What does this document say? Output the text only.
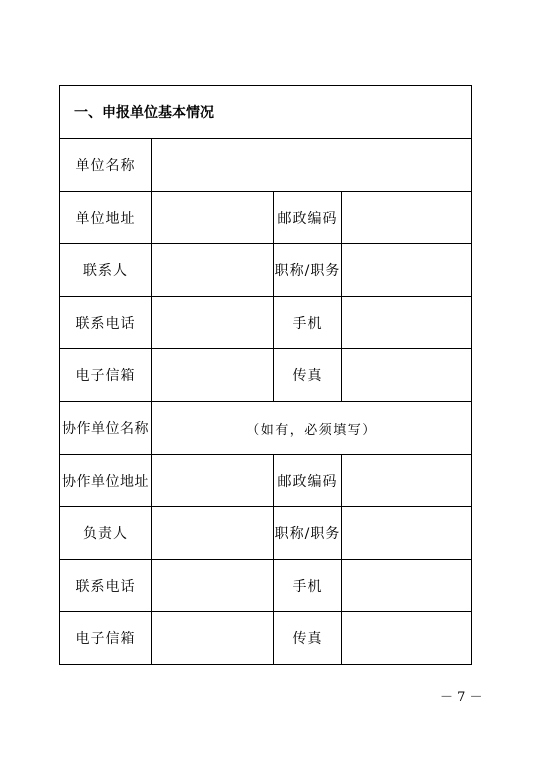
一、申报单位基本情况
单位名称
单位地址	邮政编码
联系人	职称/职务
联系电话	手机
电子信箱	传真
协作单位名称	（如有，必须填写）
协作单位地址	邮政编码
负责人	职称/职务
联系电话	手机
电子信箱	传真
－ 7 －
